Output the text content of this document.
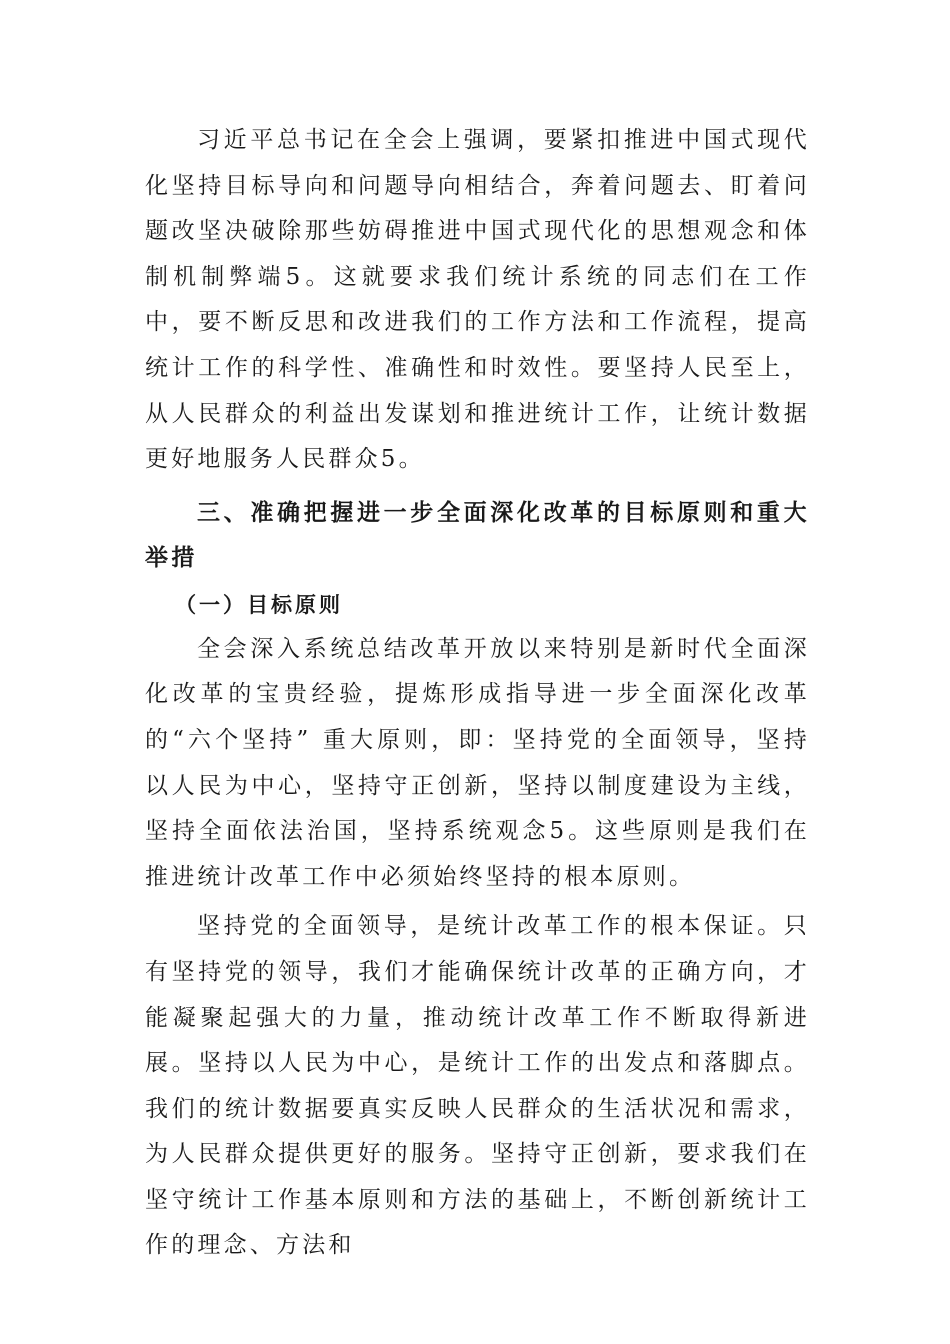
习近平总书记在全会上强调，要紧扣推进中国式现代化坚持目标导向和问题导向相结合，奔着问题去、盯着问题改坚决破除那些妨碍推进中国式现代化的思想观念和体制机制弊端5。这就要求我们统计系统的同志们在工作中，要不断反思和改进我们的工作方法和工作流程，提高统计工作的科学性、准确性和时效性。要坚持人民至上，从人民群众的利益出发谋划和推进统计工作，让统计数据更好地服务人民群众5。

三、准确把握进一步全面深化改革的目标原则和重大举措
（一）目标原则

全会深入系统总结改革开放以来特别是新时代全面深化改革的宝贵经验，提炼形成指导进一步全面深化改革的“六个坚持” 重大原则，即：坚持党的全面领导，坚持以人民为中心，坚持守正创新，坚持以制度建设为主线，坚持全面依法治国，坚持系统观念5。这些原则是我们在推进统计改革工作中必须始终坚持的根本原则。

坚持党的全面领导，是统计改革工作的根本保证。只有坚持党的领导，我们才能确保统计改革的正确方向，才能凝聚起强大的力量，推动统计改革工作不断取得新进展。坚持以人民为中心，是统计工作的出发点和落脚点。我们的统计数据要真实反映人民群众的生活状况和需求，为人民群众提供更好的服务。坚持守正创新，要求我们在坚守统计工作基本原则和方法的基础上，不断创新统计工作的理念、方法和
